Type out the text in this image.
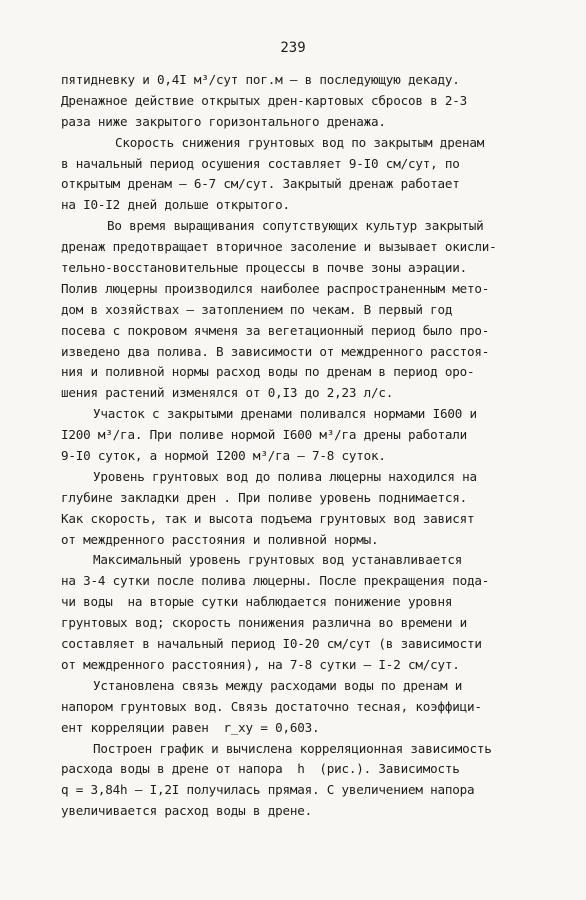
239
пятидневку и 0,4I м³/сут пог.м – в последующую декаду.
Дренажное действие открытых дрен-картовых сбросов в 2-3
раза ниже закрытого горизонтального дренажа.
Скорость снижения грунтовых вод по закрытым дренам
в начальный период осушения составляет 9-I0 см/сут, по
открытым дренам – 6-7 см/сут. Закрытый дренаж работает
на I0-I2 дней дольше открытого.
Во время выращивания сопутствующих культур закрытый
дренаж предотвращает вторичное засоление и вызывает окисли-
тельно-восстановительные процессы в почве зоны аэрации.
Полив люцерны производился наиболее распространенным мето-
дом в хозяйствах – затоплением по чекам. В первый год
посева с покровом ячменя за вегетационный период было про-
изведено два полива. В зависимости от междренного расстоя-
ния и поливной нормы расход воды по дренам в период оро-
шения растений изменялся от 0,I3 до 2,23 л/с.
Участок с закрытыми дренами поливался нормами I600 и
I200 м³/га. При поливе нормой I600 м³/га дрены работали
9-I0 суток, а нормой I200 м³/га – 7-8 суток.
Уровень грунтовых вод до полива люцерны находился на
глубине закладки дрен . При поливе уровень поднимается.
Как скорость, так и высота подъема грунтовых вод зависят
от междренного расстояния и поливной нормы.
Максимальный уровень грунтовых вод устанавливается
на 3-4 сутки после полива люцерны. После прекращения пода-
чи воды  на вторые сутки наблюдается понижение уровня
грунтовых вод; скорость понижения различна во времени и
составляет в начальный период I0-20 см/сут (в зависимости
от междренного расстояния), на 7-8 сутки – I-2 см/сут.
Установлена связь между расходами воды по дренам и
напором грунтовых вод. Связь достаточно тесная, коэффици-
ент корреляции равен  r_xy = 0,603.
Построен график и вычислена корреляционная зависимость
расхода воды в дрене от напора  h  (рис.). Зависимость
q = 3,84h – I,2I получилась прямая. С увеличением напора
увеличивается расход воды в дрене.
